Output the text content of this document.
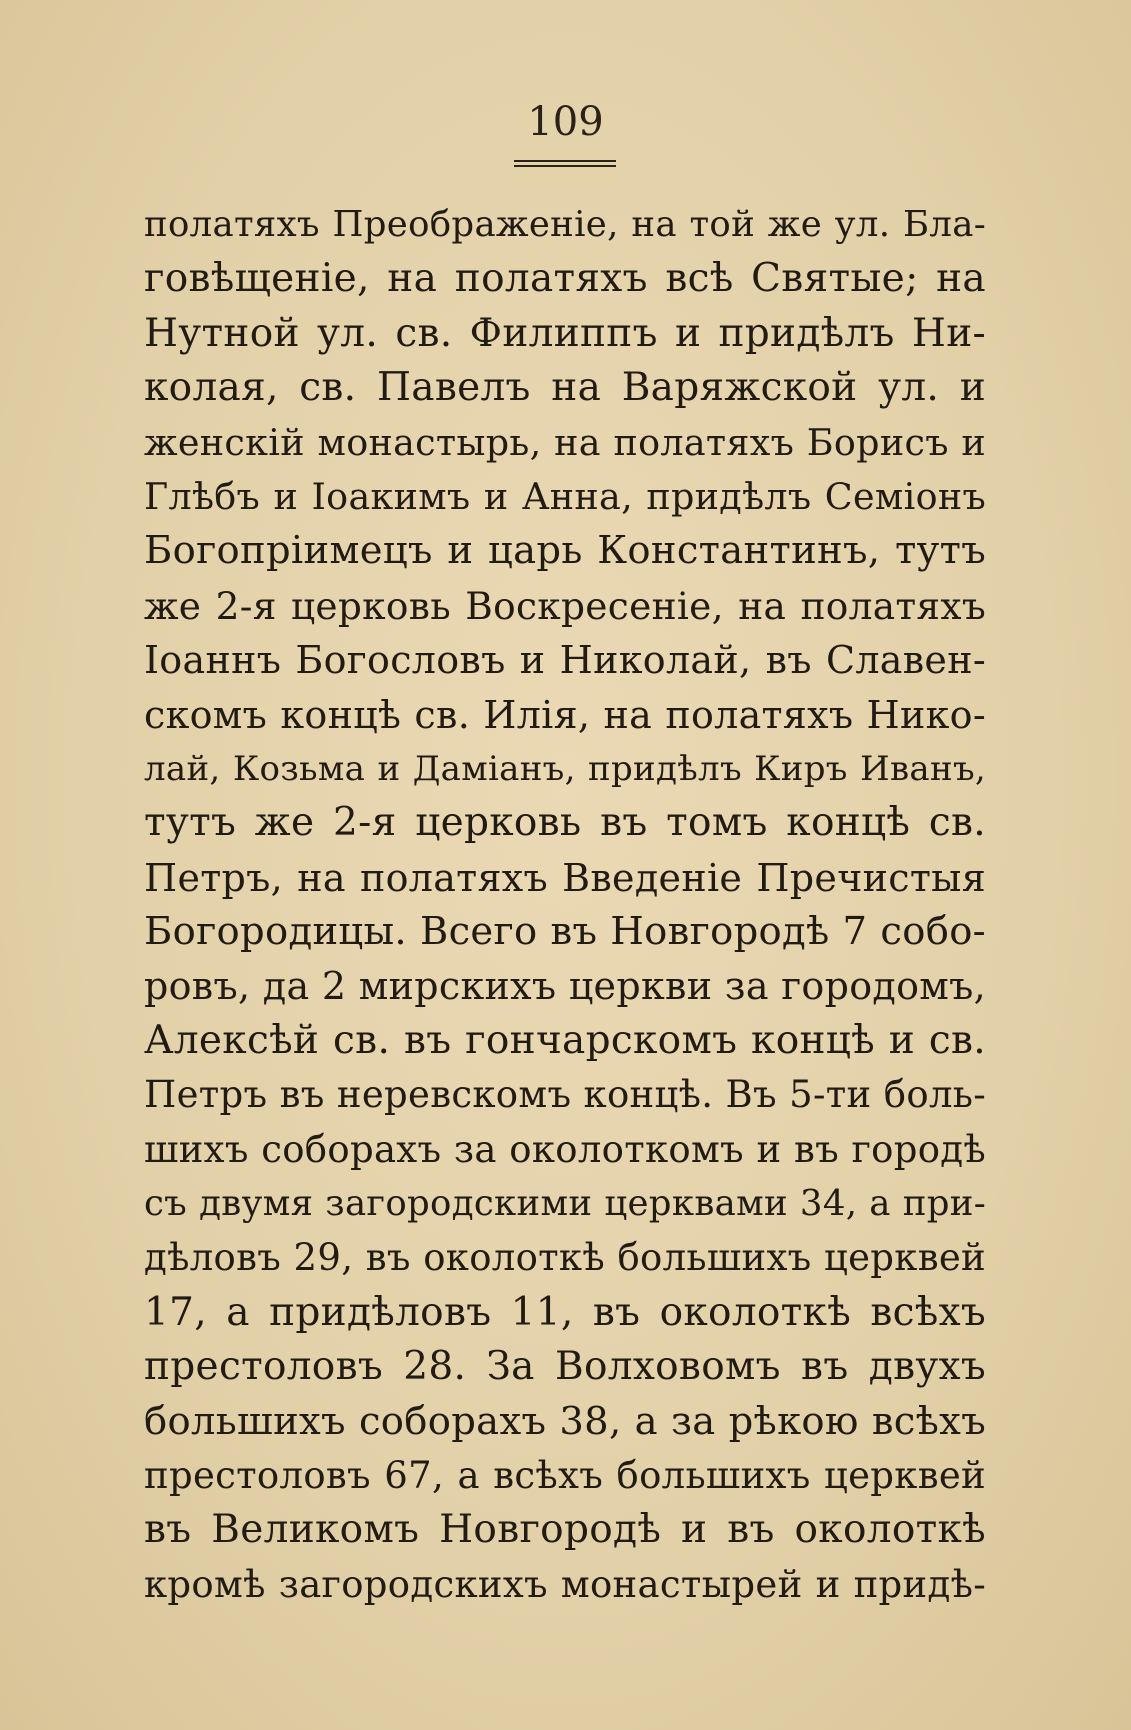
109
полатяхъ Преображеніе, на той же ул. Бла-
говѣщеніе, на полатяхъ всѣ Святые; на
Нутной ул. св. Филиппъ и придѣлъ Ни-
колая, св. Павелъ на Варяжской ул. и
женскій монастырь, на полатяхъ Борисъ и
Глѣбъ и Іоакимъ и Анна, придѣлъ Семіонъ
Богопріимецъ и царь Константинъ, тутъ
же 2-я церковь Воскресеніе, на полатяхъ
Іоаннъ Богословъ и Николай, въ Славен-
скомъ концѣ св. Илія, на полатяхъ Нико-
лай, Козьма и Даміанъ, придѣлъ Киръ Иванъ,
тутъ же 2-я церковь въ томъ концѣ св.
Петръ, на полатяхъ Введеніе Пречистыя
Богородицы. Всего въ Новгородѣ 7 собо-
ровъ, да 2 мирскихъ церкви за городомъ,
Алексѣй св. въ гончарскомъ концѣ и св.
Петръ въ неревскомъ концѣ. Въ 5-ти боль-
шихъ соборахъ за околоткомъ и въ городѣ
съ двумя загородскими церквами 34, а при-
дѣловъ 29, въ околоткѣ большихъ церквей
17, а придѣловъ 11, въ околоткѣ всѣхъ
престоловъ 28. За Волховомъ въ двухъ
большихъ соборахъ 38, а за рѣкою всѣхъ
престоловъ 67, а всѣхъ большихъ церквей
въ Великомъ Новгородѣ и въ околоткѣ
кромѣ загородскихъ монастырей и придѣ-
